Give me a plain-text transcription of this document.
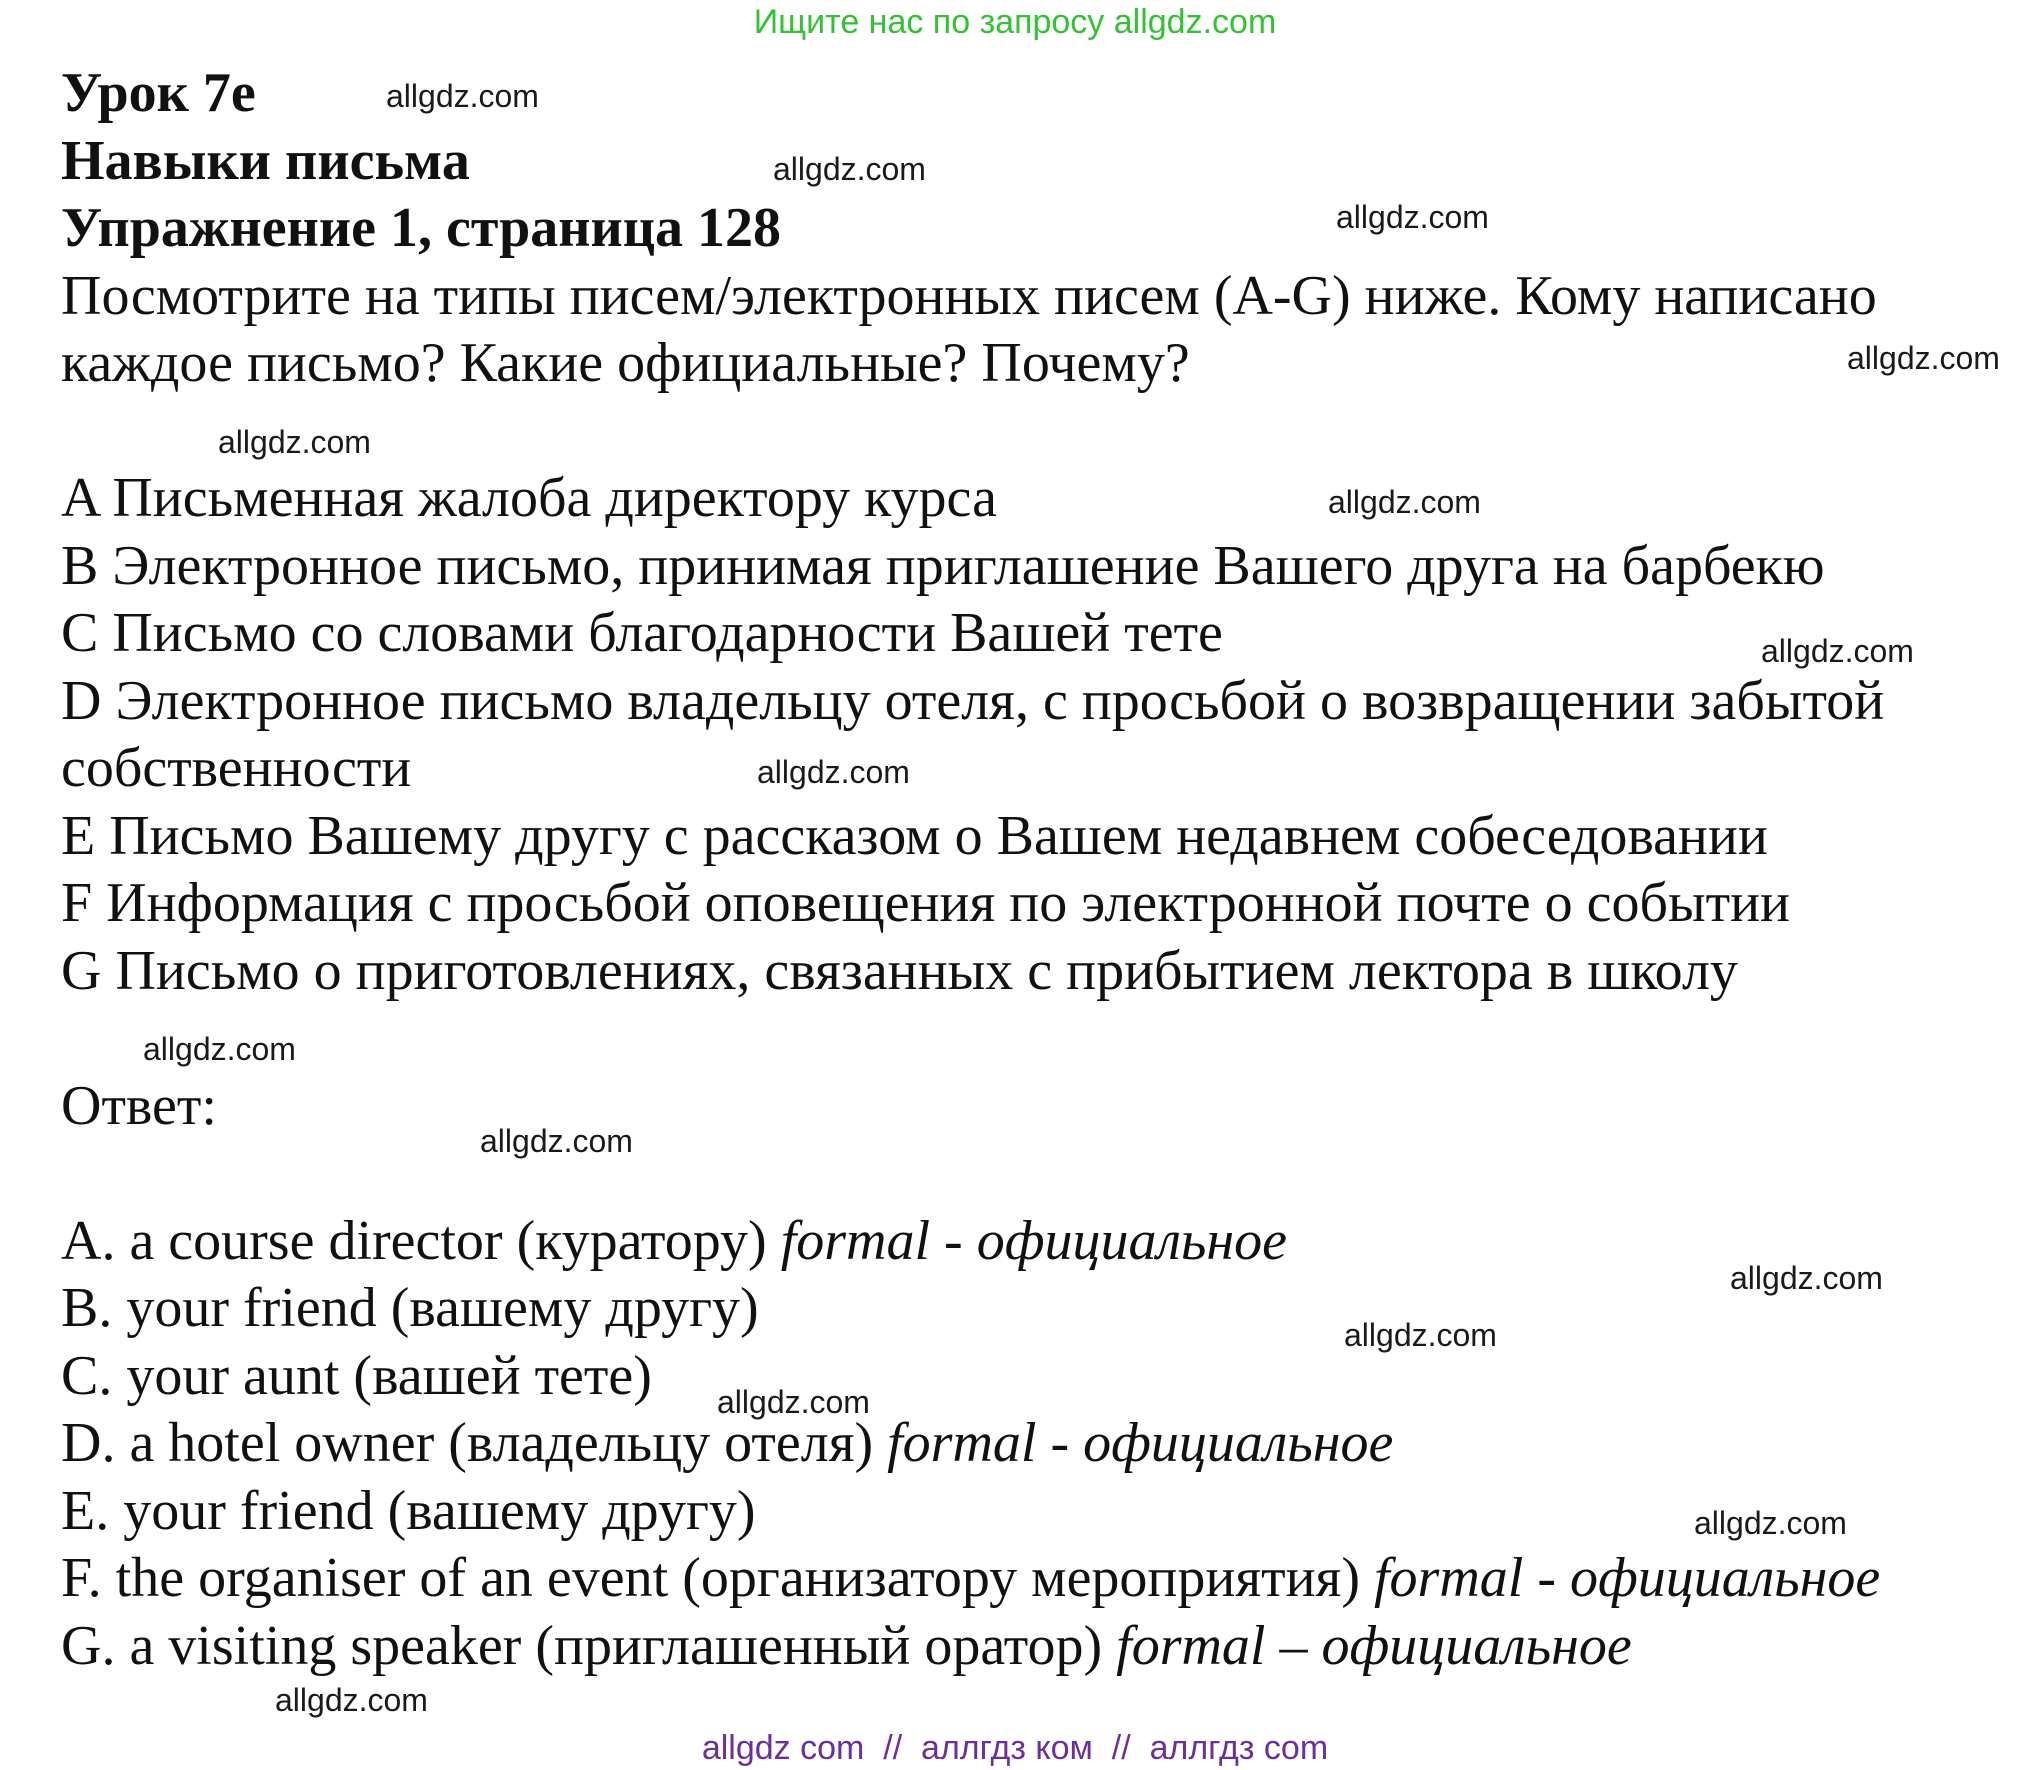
Ищите нас по запросу allgdz.com
Урок 7е
Навыки письма
Упражнение 1, страница 128
Посмотрите на типы писем/электронных писем (A-G) ниже. Кому написано
каждое письмо? Какие официальные? Почему?
A Письменная жалоба директору курса
B Электронное письмо, принимая приглашение Вашего друга на барбекю
C Письмо со словами благодарности Вашей тете
D Электронное письмо владельцу отеля, с просьбой о возвращении забытой
собственности
E Письмо Вашему другу с рассказом о Вашем недавнем собеседовании
F Информация с просьбой оповещения по электронной почте о событии
G Письмо о приготовлениях, связанных с прибытием лектора в школу
Ответ:
A. a course director (куратору) formal - официальное
B. your friend (вашему другу)
C. your aunt (вашей тете)
D. a hotel owner (владельцу отеля) formal - официальное
E. your friend (вашему другу)
F. the organiser of an event (организатору мероприятия) formal - официальное
G. a visiting speaker (приглашенный оратор) formal – официальное
allgdz.com
allgdz.com
allgdz.com
allgdz.com
allgdz.com
allgdz.com
allgdz.com
allgdz.com
allgdz.com
allgdz.com
allgdz.com
allgdz.com
allgdz.com
allgdz.com
allgdz.com
allgdz com  //  аллгдз ком  //  аллгдз com
